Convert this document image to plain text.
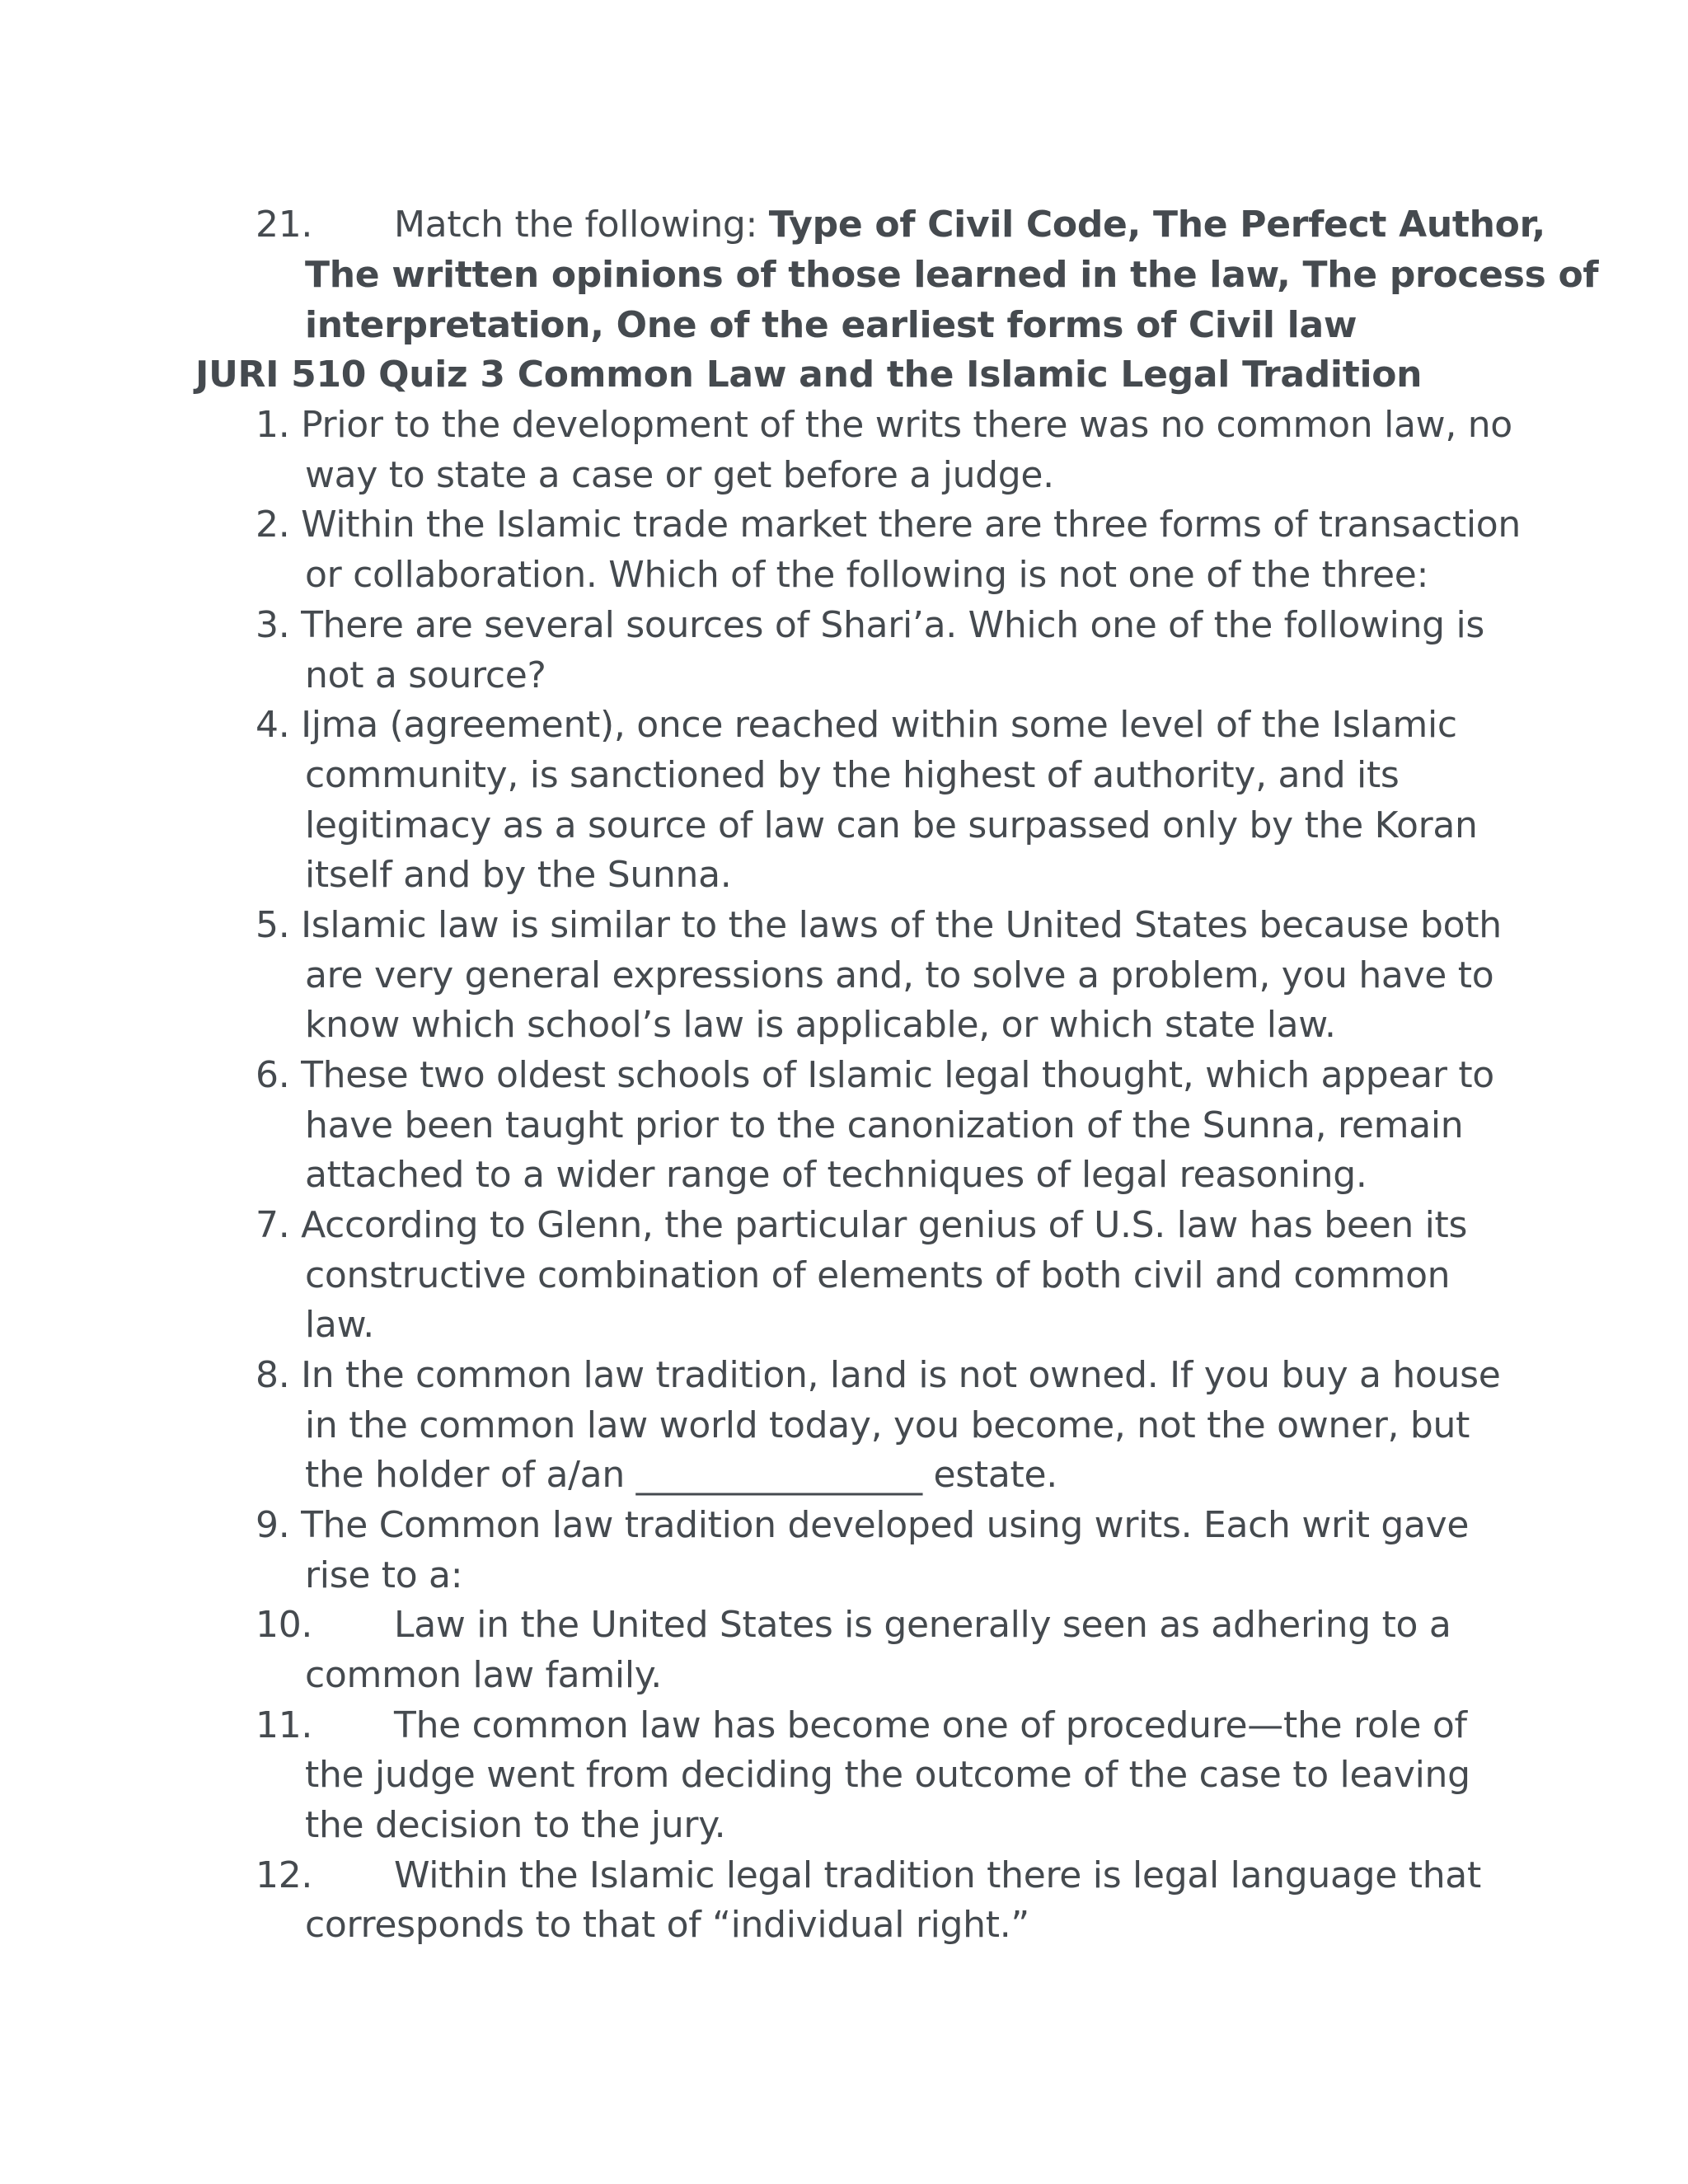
21. Match the following: Type of Civil Code, The Perfect Author,
The written opinions of those learned in the law, The process of
interpretation, One of the earliest forms of Civil law
JURI 510 Quiz 3 Common Law and the Islamic Legal Tradition
1. Prior to the development of the writs there was no common law, no
way to state a case or get before a judge.
2. Within the Islamic trade market there are three forms of transaction
or collaboration. Which of the following is not one of the three:
3. There are several sources of Shari’a. Which one of the following is
not a source?
4. Ijma (agreement), once reached within some level of the Islamic
community, is sanctioned by the highest of authority, and its
legitimacy as a source of law can be surpassed only by the Koran
itself and by the Sunna.
5. Islamic law is similar to the laws of the United States because both
are very general expressions and, to solve a problem, you have to
know which school’s law is applicable, or which state law.
6. These two oldest schools of Islamic legal thought, which appear to
have been taught prior to the canonization of the Sunna, remain
attached to a wider range of techniques of legal reasoning.
7. According to Glenn, the particular genius of U.S. law has been its
constructive combination of elements of both civil and common
law.
8. In the common law tradition, land is not owned. If you buy a house
in the common law world today, you become, not the owner, but
the holder of a/an ________________ estate.
9. The Common law tradition developed using writs. Each writ gave
rise to a:
10. Law in the United States is generally seen as adhering to a
common law family.
11. The common law has become one of procedure—the role of
the judge went from deciding the outcome of the case to leaving
the decision to the jury.
12. Within the Islamic legal tradition there is legal language that
corresponds to that of “individual right.”
